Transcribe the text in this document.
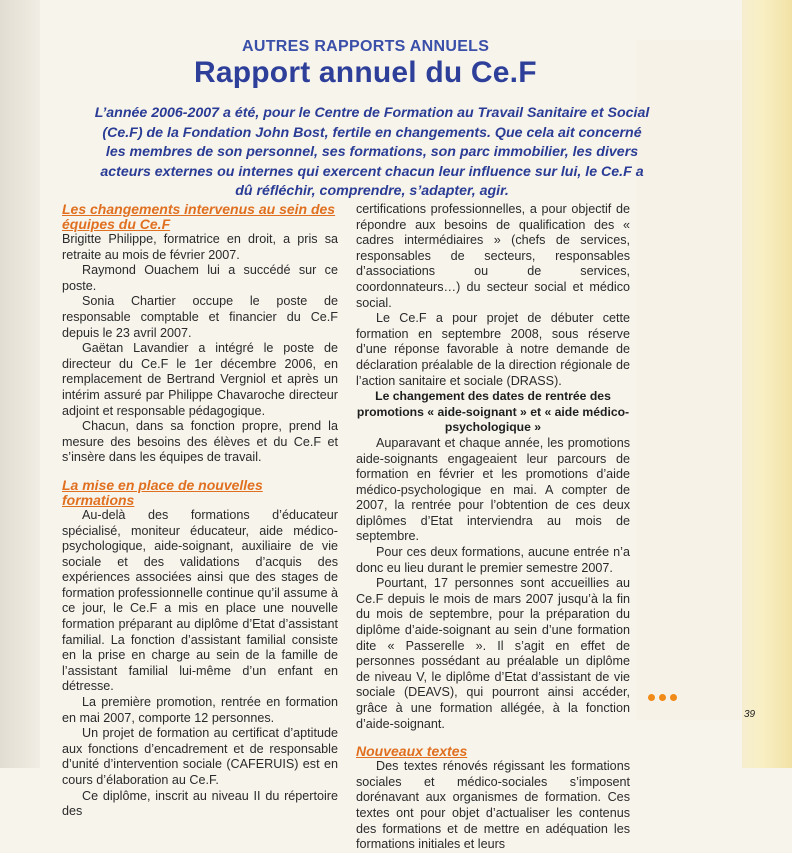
AUTRES RAPPORTS ANNUELS
Rapport annuel du Ce.F
L’année 2006-2007 a été, pour le Centre de Formation au Travail Sanitaire et Social (Ce.F) de la Fondation John Bost, fertile en changements. Que cela ait concerné les membres de son personnel, ses formations, son parc immobilier, les divers acteurs externes ou internes qui exercent chacun leur influence sur lui, le Ce.F a dû réfléchir, comprendre, s’adapter, agir.
Les changements intervenus au sein des équipes du Ce.F

Brigitte Philippe, formatrice en droit, a pris sa retraite au mois de février 2007.

Raymond Ouachem lui a succédé sur ce poste.

Sonia Chartier occupe le poste de responsable comptable et financier du Ce.F depuis le 23 avril 2007.

Gaëtan Lavandier a intégré le poste de directeur du Ce.F le 1er décembre 2006, en remplacement de Bertrand Vergniol et après un intérim assuré par Philippe Chavaroche directeur adjoint et responsable pédagogique.

Chacun, dans sa fonction propre, prend la mesure des besoins des élèves et du Ce.F et s’insère dans les équipes de travail.

La mise en place de nouvelles formations

Au-delà des formations d’éducateur spécialisé, moniteur éducateur, aide médico-psychologique, aide-soignant, auxiliaire de vie sociale et des validations d’acquis des expériences associées ainsi que des stages de formation professionnelle continue qu’il assume à ce jour, le Ce.F a mis en place une nouvelle formation préparant au diplôme d’Etat d’assistant familial. La fonction d’assistant familial consiste en la prise en charge au sein de la famille de l’assistant familial lui-même d’un enfant en détresse.

La première promotion, rentrée en formation en mai 2007, comporte 12 personnes.

Un projet de formation au certificat d’aptitude aux fonctions d’encadrement et de responsable d’unité d’intervention sociale (CAFERUIS) est en cours d’élaboration au Ce.F.

Ce diplôme, inscrit au niveau II du répertoire des

certifications professionnelles, a pour objectif de répondre aux besoins de qualification des « cadres intermédiaires » (chefs de services, responsables de secteurs, responsables d’associations ou de services, coordonnateurs…) du secteur social et médico social.

Le Ce.F a pour projet de débuter cette formation en septembre 2008, sous réserve d’une réponse favorable à notre demande de déclaration préalable de la direction régionale de l’action sanitaire et sociale (DRASS).

Le changement des dates de rentrée des promotions « aide-soignant » et « aide médico-psychologique »

Auparavant et chaque année, les promotions aide-soignants engageaient leur parcours de formation en février et les promotions d’aide médico-psychologique en mai. A compter de 2007, la rentrée pour l’obtention de ces deux diplômes d’Etat interviendra au mois de septembre.

Pour ces deux formations, aucune entrée n’a donc eu lieu durant le premier semestre 2007.

Pourtant, 17 personnes sont accueillies au Ce.F depuis le mois de mars 2007 jusqu’à la fin du mois de septembre, pour la préparation du diplôme d’aide-soignant au sein d’une formation dite « Passerelle ». Il s’agit en effet de personnes possédant au préalable un diplôme de niveau V, le diplôme d’Etat d’assistant de vie sociale (DEAVS), qui pourront ainsi accéder, grâce à une formation allégée, à la fonction d’aide-soignant.

Nouveaux textes

Des textes rénovés régissant les formations sociales et médico-sociales s’imposent dorénavant aux organismes de formation. Ces textes ont pour objet d’actualiser les contenus des formations et de mettre en adéquation les formations initiales et leurs

39
